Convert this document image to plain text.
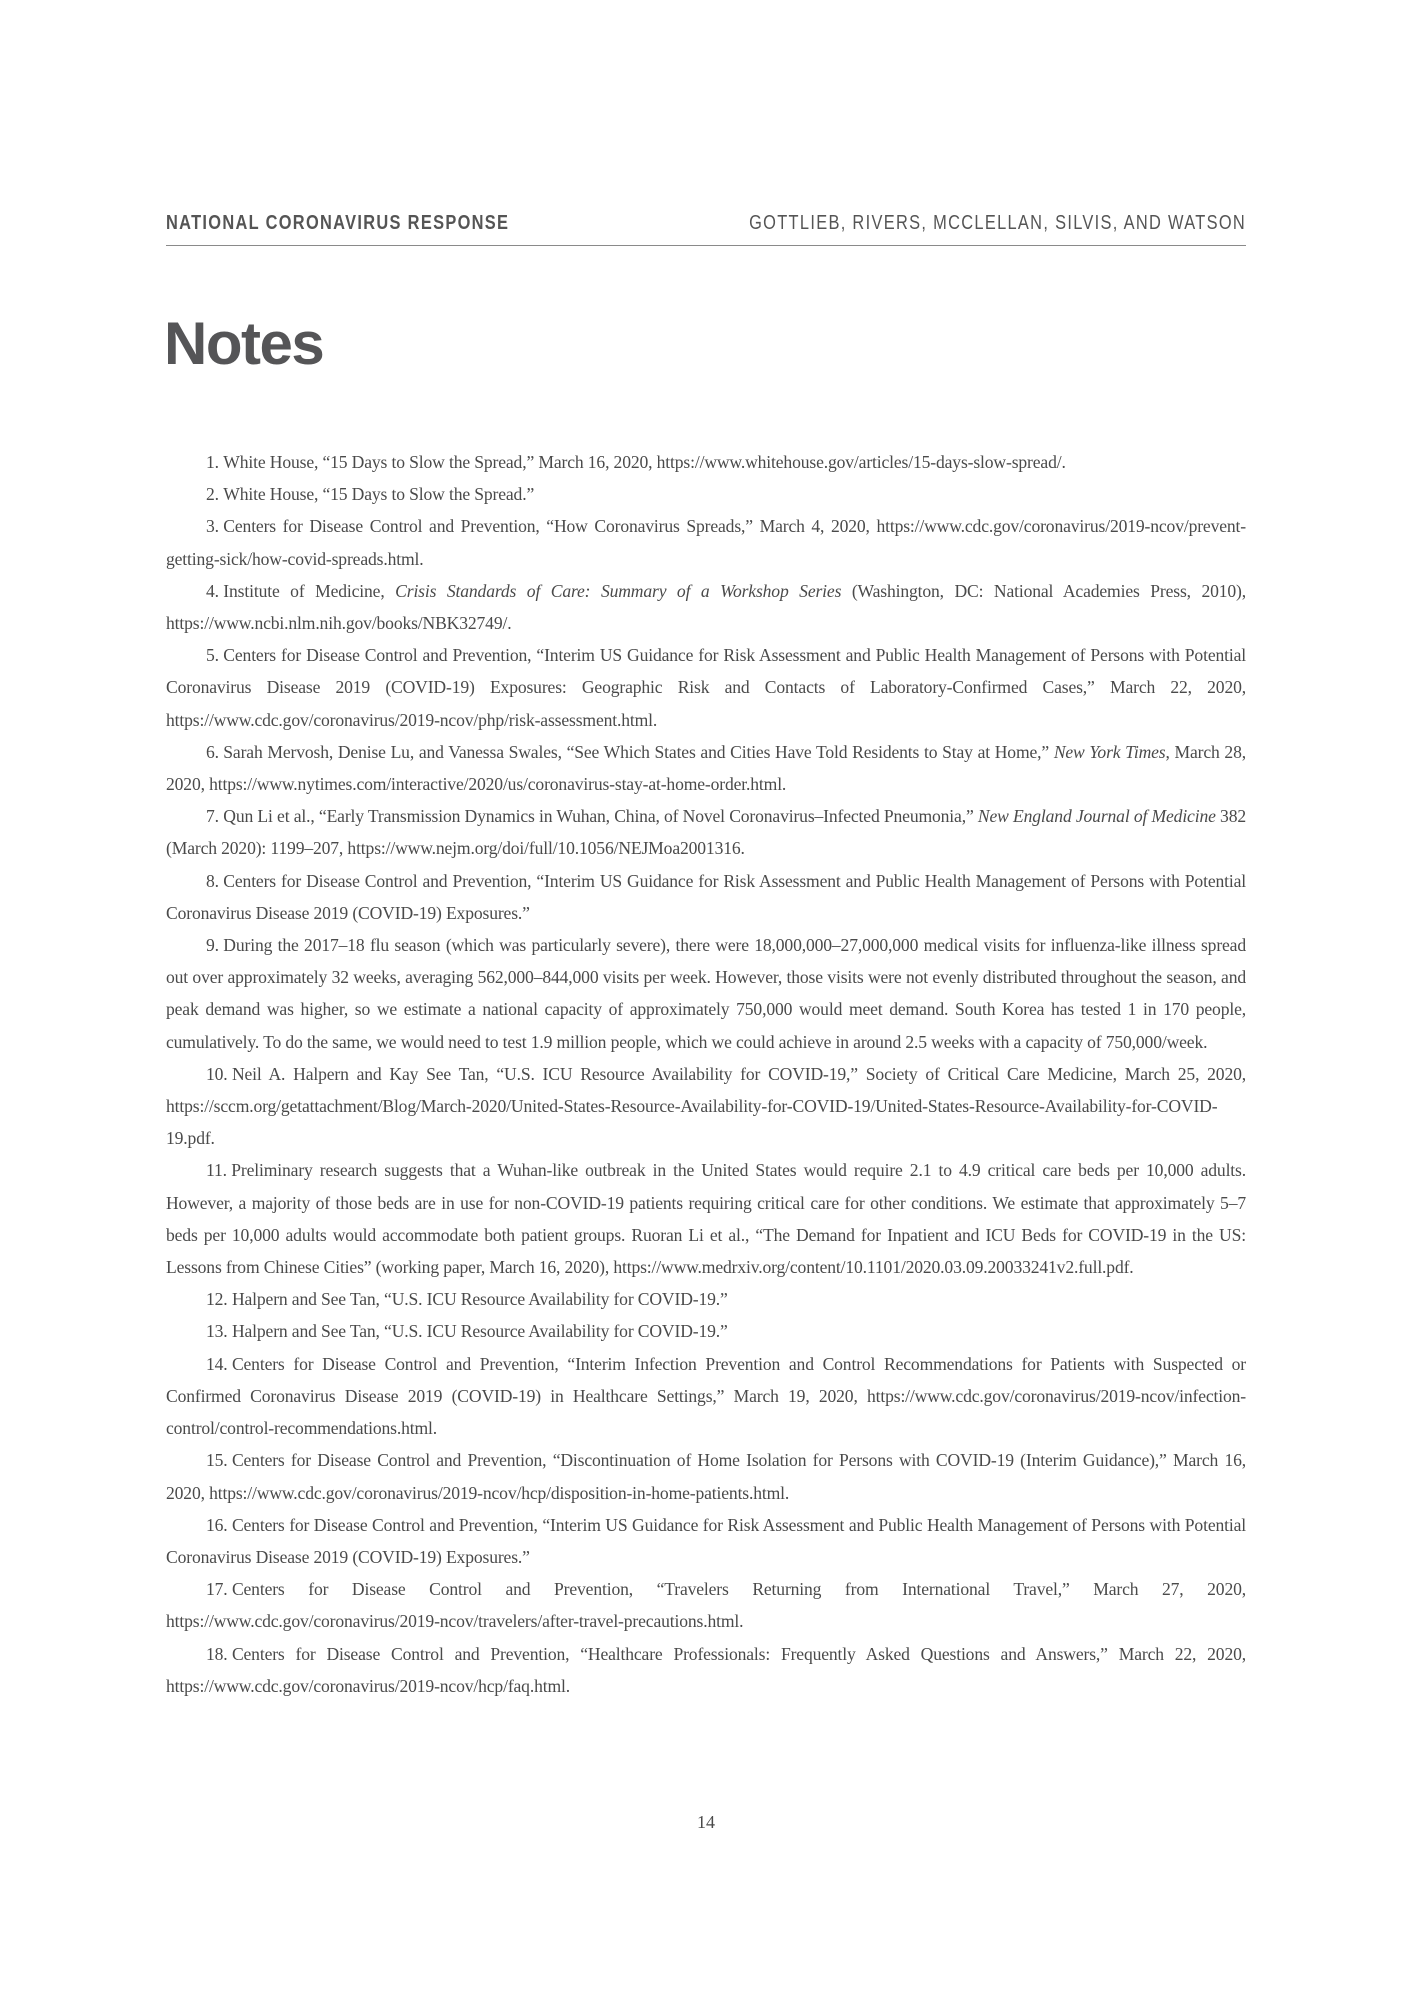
NATIONAL CORONAVIRUS RESPONSE	GOTTLIEB, RIVERS, MCCLELLAN, SILVIS, AND WATSON
Notes
1. White House, “15 Days to Slow the Spread,” March 16, 2020, https://www.whitehouse.gov/articles/15-days-slow-spread/.
2. White House, “15 Days to Slow the Spread.”
3. Centers for Disease Control and Prevention, “How Coronavirus Spreads,” March 4, 2020, https://www.cdc.gov/coronavirus/2019-ncov/prevent-getting-sick/how-covid-spreads.html.
4. Institute of Medicine, Crisis Standards of Care: Summary of a Workshop Series (Washington, DC: National Academies Press, 2010), https://www.ncbi.nlm.nih.gov/books/NBK32749/.
5. Centers for Disease Control and Prevention, “Interim US Guidance for Risk Assessment and Public Health Management of Persons with Potential Coronavirus Disease 2019 (COVID-19) Exposures: Geographic Risk and Contacts of Laboratory-Confirmed Cases,” March 22, 2020, https://www.cdc.gov/coronavirus/2019-ncov/php/risk-assessment.html.
6. Sarah Mervosh, Denise Lu, and Vanessa Swales, “See Which States and Cities Have Told Residents to Stay at Home,” New York Times, March 28, 2020, https://www.nytimes.com/interactive/2020/us/coronavirus-stay-at-home-order.html.
7. Qun Li et al., “Early Transmission Dynamics in Wuhan, China, of Novel Coronavirus–Infected Pneumonia,” New England Journal of Medicine 382 (March 2020): 1199–207, https://www.nejm.org/doi/full/10.1056/NEJMoa2001316.
8. Centers for Disease Control and Prevention, “Interim US Guidance for Risk Assessment and Public Health Management of Persons with Potential Coronavirus Disease 2019 (COVID-19) Exposures.”
9. During the 2017–18 flu season (which was particularly severe), there were 18,000,000–27,000,000 medical visits for influenza-like illness spread out over approximately 32 weeks, averaging 562,000–844,000 visits per week. However, those visits were not evenly distributed throughout the season, and peak demand was higher, so we estimate a national capacity of approximately 750,000 would meet demand. South Korea has tested 1 in 170 people, cumulatively. To do the same, we would need to test 1.9 million people, which we could achieve in around 2.5 weeks with a capacity of 750,000/week.
10. Neil A. Halpern and Kay See Tan, “U.S. ICU Resource Availability for COVID-19,” Society of Critical Care Medicine, March 25, 2020, https://sccm.org/getattachment/Blog/March-2020/United-States-Resource-Availability-for-COVID-19/United-States-Resource-Availability-for-COVID-19.pdf.
11. Preliminary research suggests that a Wuhan-like outbreak in the United States would require 2.1 to 4.9 critical care beds per 10,000 adults. However, a majority of those beds are in use for non-COVID-19 patients requiring critical care for other conditions. We estimate that approximately 5–7 beds per 10,000 adults would accommodate both patient groups. Ruoran Li et al., “The Demand for Inpatient and ICU Beds for COVID-19 in the US: Lessons from Chinese Cities” (working paper, March 16, 2020), https://www.medrxiv.org/content/10.1101/2020.03.09.20033241v2.full.pdf.
12. Halpern and See Tan, “U.S. ICU Resource Availability for COVID-19.”
13. Halpern and See Tan, “U.S. ICU Resource Availability for COVID-19.”
14. Centers for Disease Control and Prevention, “Interim Infection Prevention and Control Recommendations for Patients with Suspected or Confirmed Coronavirus Disease 2019 (COVID-19) in Healthcare Settings,” March 19, 2020, https://www.cdc.gov/coronavirus/2019-ncov/infection-control/control-recommendations.html.
15. Centers for Disease Control and Prevention, “Discontinuation of Home Isolation for Persons with COVID-19 (Interim Guidance),” March 16, 2020, https://www.cdc.gov/coronavirus/2019-ncov/hcp/disposition-in-home-patients.html.
16. Centers for Disease Control and Prevention, “Interim US Guidance for Risk Assessment and Public Health Management of Persons with Potential Coronavirus Disease 2019 (COVID-19) Exposures.”
17. Centers for Disease Control and Prevention, “Travelers Returning from International Travel,” March 27, 2020, https://www.cdc.gov/coronavirus/2019-ncov/travelers/after-travel-precautions.html.
18. Centers for Disease Control and Prevention, “Healthcare Professionals: Frequently Asked Questions and Answers,” March 22, 2020, https://www.cdc.gov/coronavirus/2019-ncov/hcp/faq.html.
14
